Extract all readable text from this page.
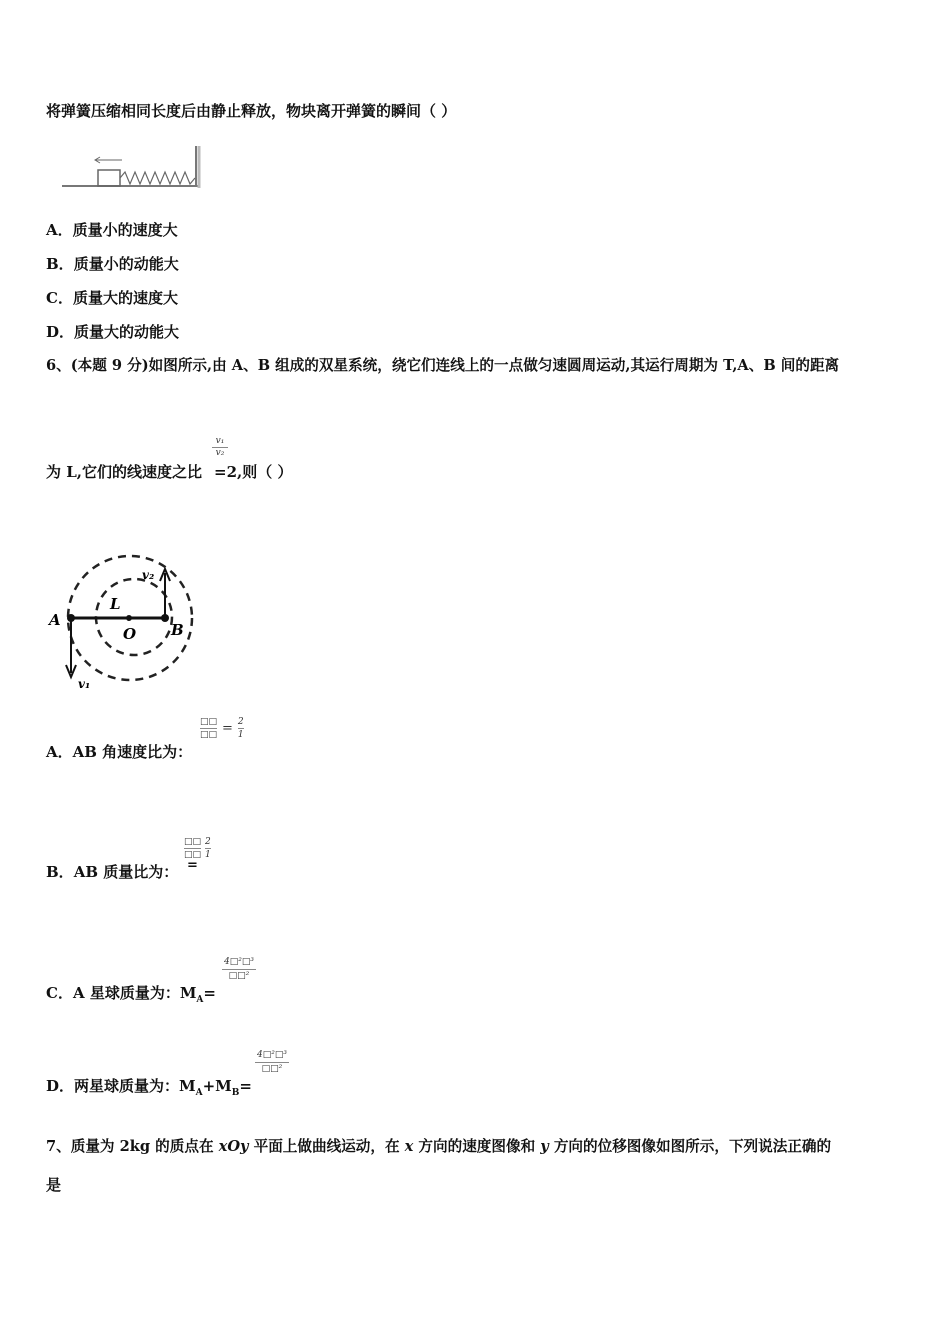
将弹簧压缩相同长度后由静止释放，物块离开弹簧的瞬间（ ）
A．质量小的速度大
B．质量小的动能大
C．质量大的速度大
D．质量大的动能大
6、(本题 9 分)如图所示,由 A、B 组成的双星系统，绕它们连线上的一点做匀速圆周运动,其运行周期为 T,A、B 间的距离
为 L,它们的线速度之比 =2,则（ ）
$\frac{\text{v₁}}{\text{v₂}}$
A
B
O
L
v₁
v₂
A．AB 角速度比为：
□□
□□ = $\frac{2}{1}$
B．AB 质量比为：
□□
□□
=
$\frac{2}{1}$
C．A 星球质量为：$M_A=$
4□²□³
□□²
D．两星球质量为：$M_A+M_B=$
4□²□³
□□²
7、质量为 2kg 的质点在 xOy 平面上做曲线运动，在 x 方向的速度图像和 y 方向的位移图像如图所示，下列说法正确的
是
